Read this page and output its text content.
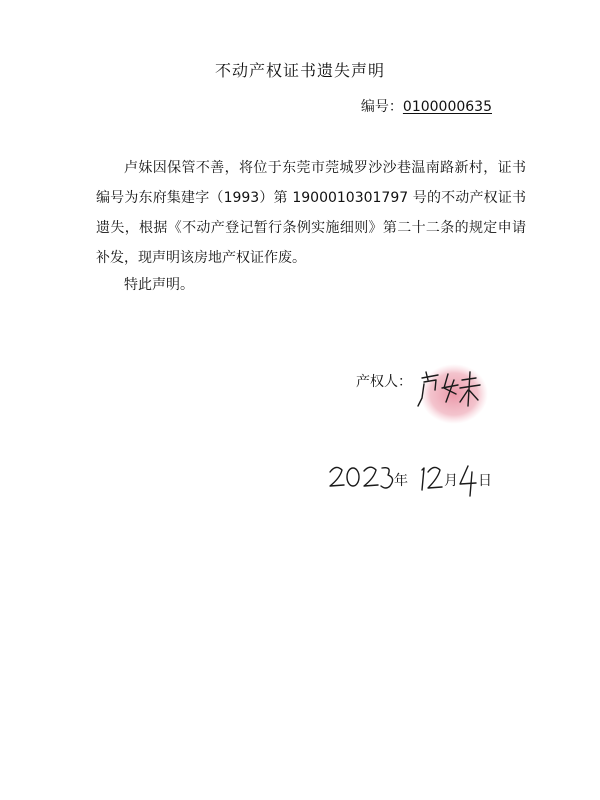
不动产权证书遗失声明
编号：0100000635

卢妹因保管不善，将位于东莞市莞城罗沙沙巷温南路新村，证书编号为东府集建字（1993）第 1900010301797 号的不动产权证书遗失，根据《不动产登记暂行条例实施细则》第二十二条的规定申请补发，现声明该房地产权证作废。

特此声明。
产权人：
年	月 日
